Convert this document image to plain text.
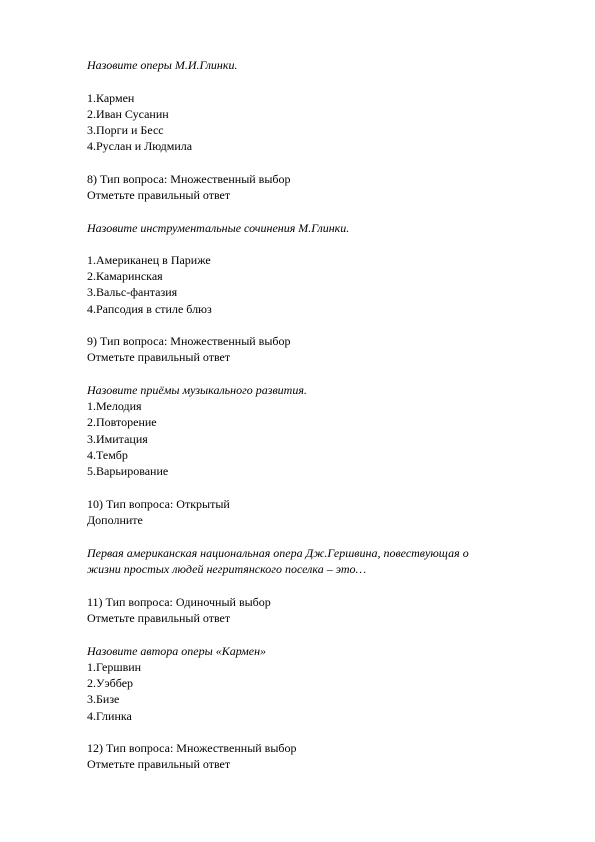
Назовите оперы М.И.Глинки.
1.Кармен
2.Иван Сусанин
3.Порги и Бесс
4.Руслан и Людмила
8) Тип вопроса: Множественный выбор
Отметьте правильный ответ
Назовите инструментальные сочинения М.Глинки.
1.Американец в Париже
2.Камаринская
3.Вальс-фантазия
4.Рапсодия в стиле блюз
9) Тип вопроса: Множественный выбор
Отметьте правильный ответ
Назовите приёмы музыкального развития.
1.Мелодия
2.Повторение
3.Имитация
4.Тембр
5.Варьирование
10) Тип вопроса: Открытый
Дополните
Первая американская национальная опера Дж.Гершвина, повествующая о
жизни простых людей негритянского поселка – это…
11) Тип вопроса: Одиночный выбор
Отметьте правильный ответ
Назовите автора оперы «Кармен»
1.Гершвин
2.Уэббер
3.Бизе
4.Глинка
12) Тип вопроса: Множественный выбор
Отметьте правильный ответ
